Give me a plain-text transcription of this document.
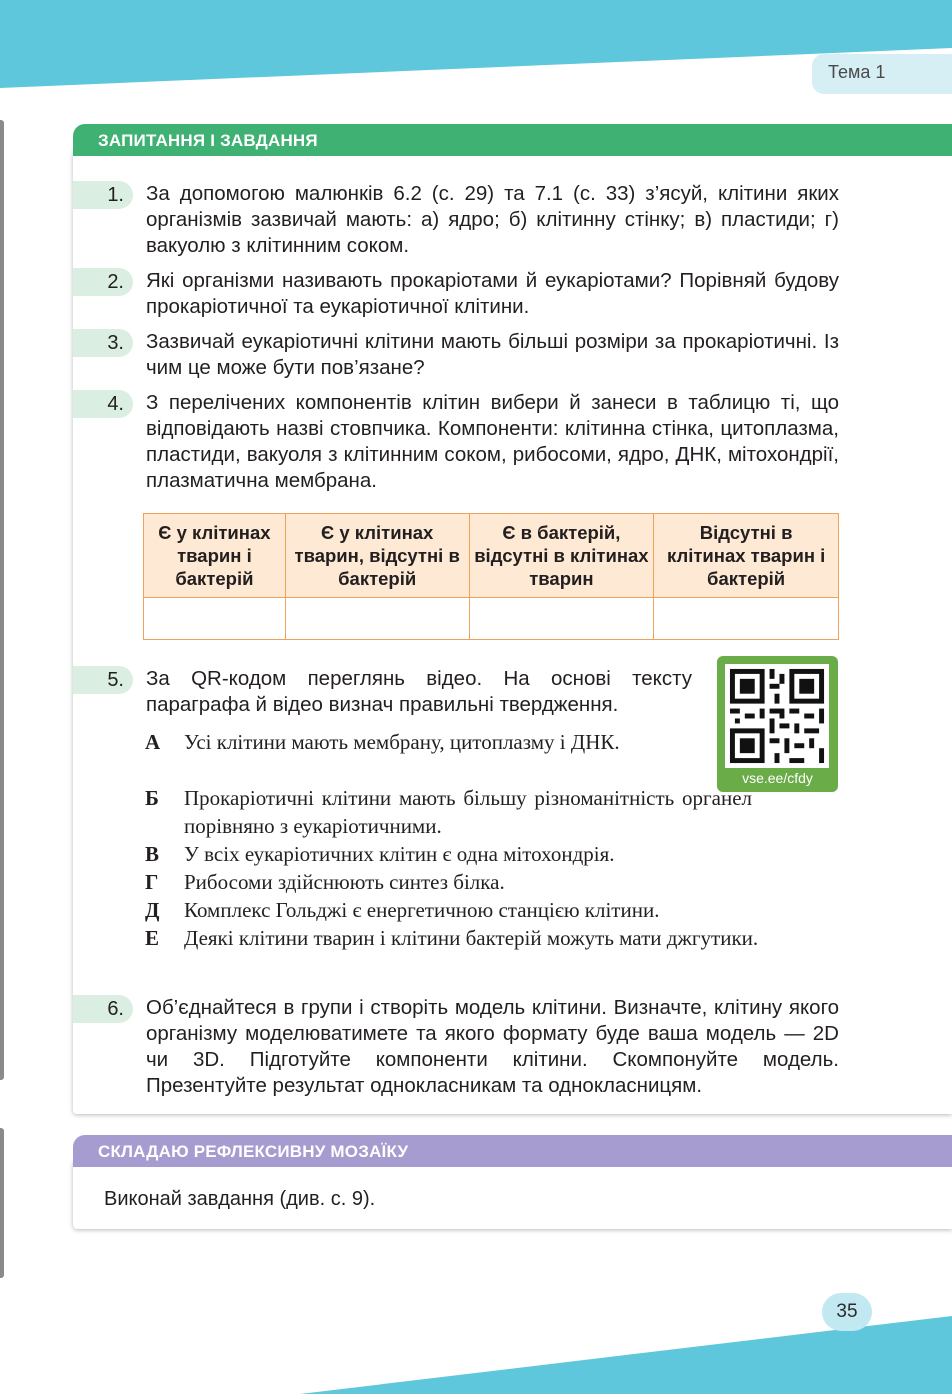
Тема 1
ЗАПИТАННЯ І ЗАВДАННЯ
1.	За допомогою малюнків 6.2 (с. 29) та 7.1 (с. 33) з’ясуй, клітини яких організмів зазвичай мають: а) ядро; б) клітинну стінку; в) пластиди; г) вакуолю з клітинним соком.
2.	Які організми називають прокаріотами й еукаріотами? Порівняй будову прокаріотичної та еукаріотичної клітини.
3.	Зазвичай еукаріотичні клітини мають більші розміри за прокаріотичні. Із чим це може бути пов’язане?
4.	З перелічених компонентів клітин вибери й занеси в таблицю ті, що відповідають назві стовпчика. Компоненти: клітинна стінка, цитоплазма, пластиди, вакуоля з клітинним соком, рибосоми, ядро, ДНК, мітохондрії, плазматична мембрана.
Є у клітинах тварин і бактерій	Є у клітинах тварин, відсутні в бактерій	Є в бактерій, відсутні в клітинах тварин	Відсутні в клітинах тварин і бактерій

5.	За QR-кодом переглянь відео. На основі тексту параграфа й відео визнач правильні твердження.
vse.ee/cfdy
А Усі клітини мають мембрану, цитоплазму і ДНК.
Б Прокаріотичні клітини мають більшу різноманітність органел порівняно з еукаріотичними.
В У всіх еукаріотичних клітин є одна мітохондрія.
Г Рибосоми здійснюють синтез білка.
Д Комплекс Гольджі є енергетичною станцією клітини.
Е Деякі клітини тварин і клітини бактерій можуть мати джгутики.
6.	Об’єднайтеся в групи і створіть модель клітини. Визначте, клітину якого організму моделюватимете та якого формату буде ваша модель — 2D чи 3D. Підготуйте компоненти клітини. Скомпонуйте модель. Презентуйте результат однокласникам та однокласницям.
СКЛАДАЮ РЕФЛЕКСИВНУ МОЗАЇКУ
Виконай завдання (див. с. 9).
35
